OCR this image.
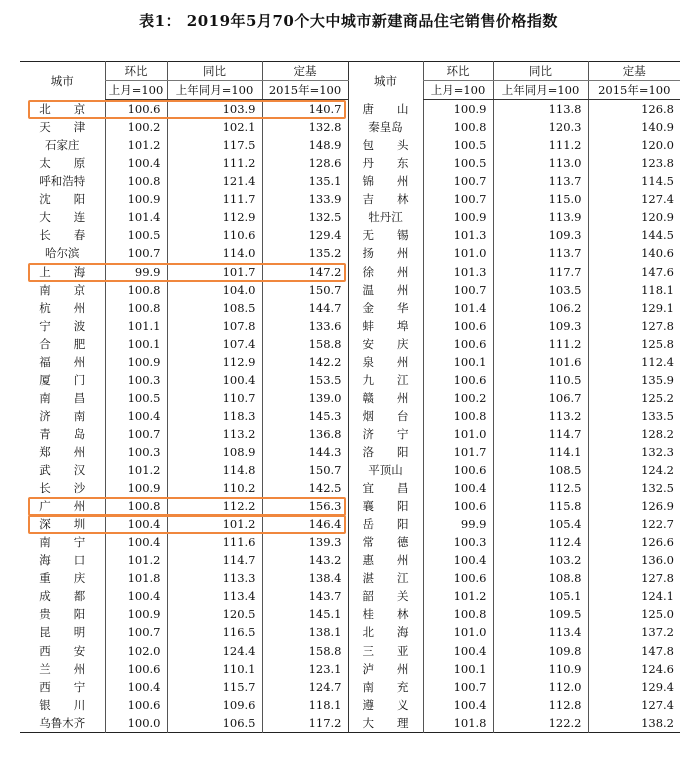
表1： 2019年5月70个大中城市新建商品住宅销售价格指数
城市	环比	同比	定基	城市	环比	同比	定基
	上月=100	上年同月=100	2015年=100		上月=100	上年同月=100	2015年=100
北　　京	100.6	103.9	140.7	唐　　山	100.9	113.8	126.8
天　　津	100.2	102.1	132.8	秦皇岛	100.8	120.3	140.9
石家庄	101.2	117.5	148.9	包　　头	100.5	111.2	120.0
太　　原	100.4	111.2	128.6	丹　　东	100.5	113.0	123.8
呼和浩特	100.8	121.4	135.1	锦　　州	100.7	113.7	114.5
沈　　阳	100.9	111.7	133.9	吉　　林	100.7	115.0	127.4
大　　连	101.4	112.9	132.5	牡丹江	100.9	113.9	120.9
长　　春	100.5	110.6	129.4	无　　锡	101.3	109.3	144.5
哈尔滨	100.7	114.0	135.2	扬　　州	101.0	113.7	140.6
上　　海	99.9	101.7	147.2	徐　　州	101.3	117.7	147.6
南　　京	100.8	104.0	150.7	温　　州	100.7	103.5	118.1
杭　　州	100.8	108.5	144.7	金　　华	101.4	106.2	129.1
宁　　波	101.1	107.8	133.6	蚌　　埠	100.6	109.3	127.8
合　　肥	100.1	107.4	158.8	安　　庆	100.6	111.2	125.8
福　　州	100.9	112.9	142.2	泉　　州	100.1	101.6	112.4
厦　　门	100.3	100.4	153.5	九　　江	100.6	110.5	135.9
南　　昌	100.5	110.7	139.0	赣　　州	100.2	106.7	125.2
济　　南	100.4	118.3	145.3	烟　　台	100.8	113.2	133.5
青　　岛	100.7	113.2	136.8	济　　宁	101.0	114.7	128.2
郑　　州	100.3	108.9	144.3	洛　　阳	101.7	114.1	132.3
武　　汉	101.2	114.8	150.7	平顶山	100.6	108.5	124.2
长　　沙	100.9	110.2	142.5	宜　　昌	100.4	112.5	132.5
广　　州	100.8	112.2	156.3	襄　　阳	100.6	115.8	126.9
深　　圳	100.4	101.2	146.4	岳　　阳	99.9	105.4	122.7
南　　宁	100.4	111.6	139.3	常　　德	100.3	112.4	126.6
海　　口	101.2	114.7	143.2	惠　　州	100.4	103.2	136.0
重　　庆	101.8	113.3	138.4	湛　　江	100.6	108.8	127.8
成　　都	100.4	113.4	143.7	韶　　关	101.2	105.1	124.1
贵　　阳	100.9	120.5	145.1	桂　　林	100.8	109.5	125.0
昆　　明	100.7	116.5	138.1	北　　海	101.0	113.4	137.2
西　　安	102.0	124.4	158.8	三　　亚	100.4	109.8	147.8
兰　　州	100.6	110.1	123.1	泸　　州	100.1	110.9	124.6
西　　宁	100.4	115.7	124.7	南　　充	100.7	112.0	129.4
银　　川	100.6	109.6	118.1	遵　　义	100.4	112.8	127.4
乌鲁木齐	100.0	106.5	117.2	大　　理	101.8	122.2	138.2
